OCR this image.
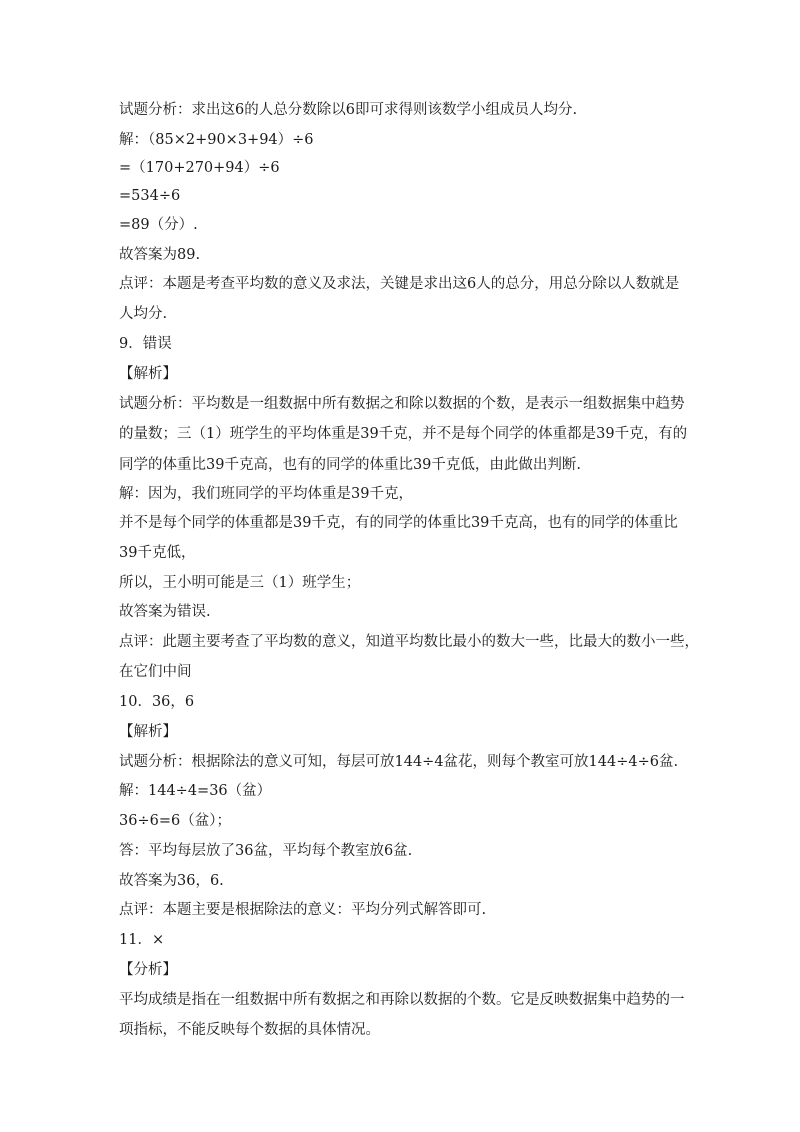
试题分析：求出这6的人总分数除以6即可求得则该数学小组成员人均分.
解：（85×2+90×3+94）÷6
=（170+270+94）÷6
=534÷6
=89（分）.
故答案为89.
点评：本题是考查平均数的意义及求法，关键是求出这6人的总分，用总分除以人数就是
人均分.
9．错误
【解析】
试题分析：平均数是一组数据中所有数据之和除以数据的个数，是表示一组数据集中趋势
的量数；三（1）班学生的平均体重是39千克，并不是每个同学的体重都是39千克，有的
同学的体重比39千克高，也有的同学的体重比39千克低，由此做出判断.
解：因为，我们班同学的平均体重是39千克，
并不是每个同学的体重都是39千克，有的同学的体重比39千克高，也有的同学的体重比
39千克低，
所以，王小明可能是三（1）班学生；
故答案为错误.
点评：此题主要考查了平均数的意义，知道平均数比最小的数大一些，比最大的数小一些，
在它们中间
10．36，6
【解析】
试题分析：根据除法的意义可知，每层可放144÷4盆花，则每个教室可放144÷4÷6盆.
解：144÷4=36（盆）
36÷6=6（盆）；
答：平均每层放了36盆，平均每个教室放6盆.
故答案为36，6.
点评：本题主要是根据除法的意义：平均分列式解答即可.
11．×
【分析】
平均成绩是指在一组数据中所有数据之和再除以数据的个数。它是反映数据集中趋势的一
项指标，不能反映每个数据的具体情况。
